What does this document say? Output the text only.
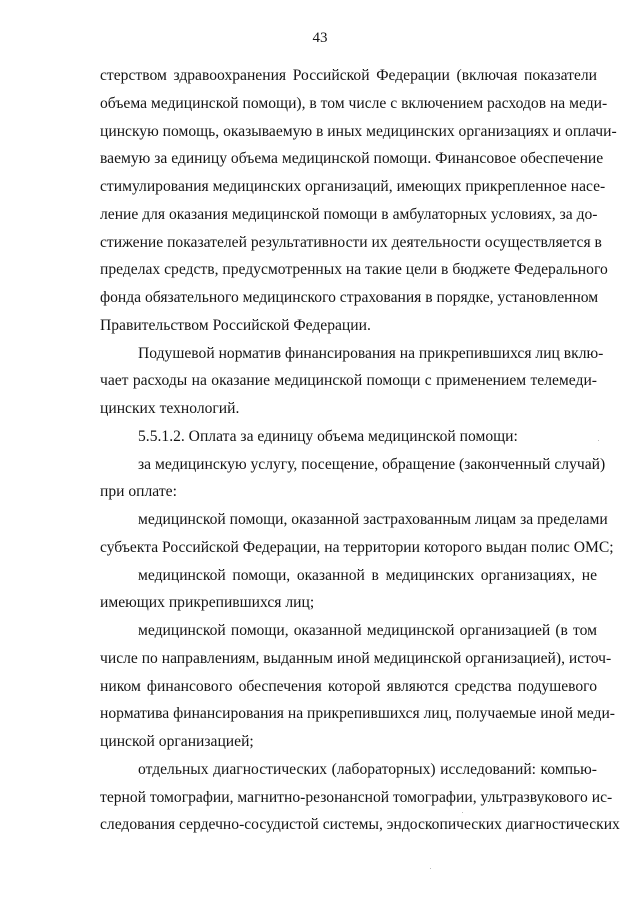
43

стерством здравоохранения Российской Федерации (включая показатели
объема медицинской помощи), в том числе с включением расходов на меди-
цинскую помощь, оказываемую в иных медицинских организациях и оплачи-
ваемую за единицу объема медицинской помощи. Финансовое обеспечение
стимулирования медицинских организаций, имеющих прикрепленное насе-
ление для оказания медицинской помощи в амбулаторных условиях, за до-
стижение показателей результативности их деятельности осуществляется в
пределах средств, предусмотренных на такие цели в бюджете Федерального
фонда обязательного медицинского страхования в порядке, установленном
Правительством Российской Федерации.

Подушевой норматив финансирования на прикрепившихся лиц вклю-
чает расходы на оказание медицинской помощи с применением телемеди-
цинских технологий.

5.5.1.2. Оплата за единицу объема медицинской помощи:

за медицинскую услугу, посещение, обращение (законченный случай)
при оплате:

медицинской помощи, оказанной застрахованным лицам за пределами
субъекта Российской Федерации, на территории которого выдан полис ОМС;

медицинской помощи, оказанной в медицинских организациях, не
имеющих прикрепившихся лиц;

медицинской помощи, оказанной медицинской организацией (в том
числе по направлениям, выданным иной медицинской организацией), источ-
ником финансового обеспечения которой являются средства подушевого
норматива финансирования на прикрепившихся лиц, получаемые иной меди-
цинской организацией;

отдельных диагностических (лабораторных) исследований: компью-
терной томографии, магнитно-резонансной томографии, ультразвукового ис-
следования сердечно-сосудистой системы, эндоскопических диагностических
